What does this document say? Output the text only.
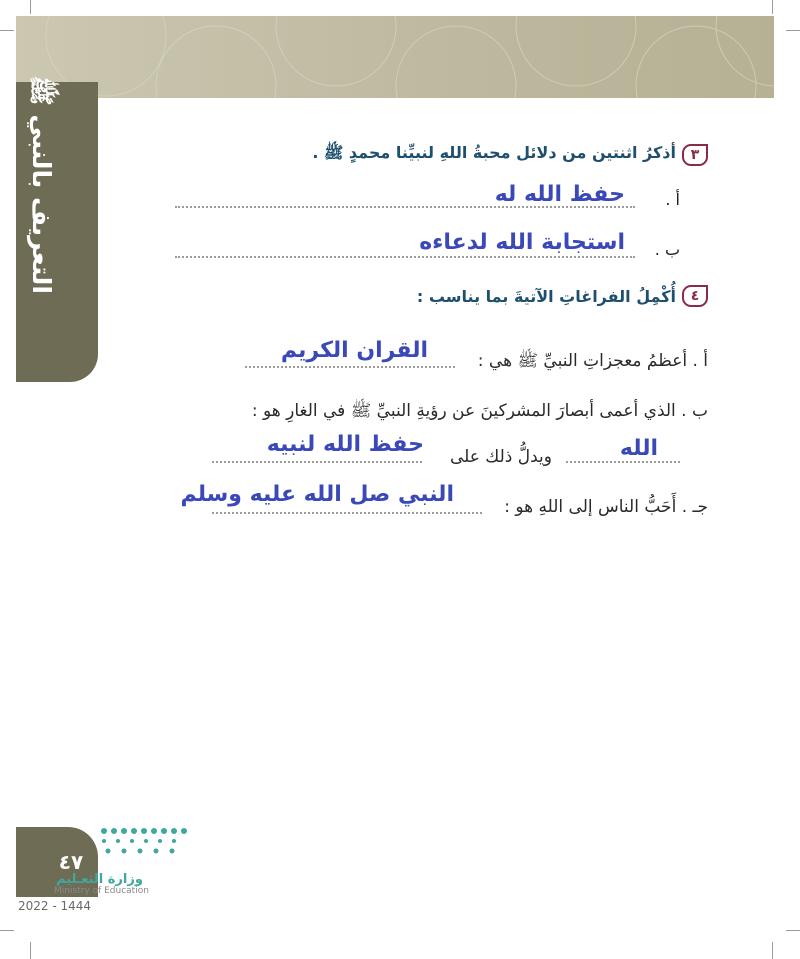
التعريف بالنبي ﷺ	٣
أذكرُ اثنتين من دلائل محبةُ اللهِ لنبيِّنا محمدٍ ﷺ .
أ .
حفظ الله له
ب .
استجابة الله لدعاءه
٤
أُكْمِلُ الفراغاتِ الآتيةَ بما يناسب :
أ . أعظمُ معجزاتِ النبيِّ ﷺ هي :
القران الكريم
ب . الذي أعمى أبصارَ المشركينَ عن رؤيةِ النبيِّ ﷺ في الغارِ هو :
الله
ويدلُّ ذلك على
حفظ الله لنبيه
جـ . أَحَبُّ الناس إلى اللهِ هو :
النبي صل الله عليه وسلم
٤٧
وزارة التعـليم
Ministry of Education
2022 - 1444
